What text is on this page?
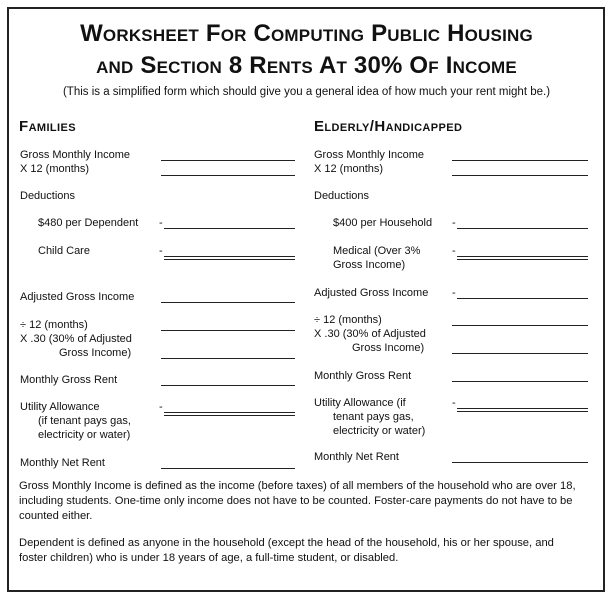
Worksheet For Computing Public Housing
and Section 8 Rents At 30% Of Income
(This is a simplified form which should give you a general idea of how much your rent might be.)
Families
Gross Monthly Income
X 12 (months)
Deductions
$480 per Dependent -
Child Care	-
Adjusted Gross Income
÷ 12 (months)
X .30 (30% of Adjusted
Gross Income)
Monthly Gross Rent
Utility Allowance	-
(if tenant pays gas,
electricity or water)
Monthly Net Rent
Elderly/Handicapped
Gross Monthly Income
X 12 (months)
Deductions
$400 per Household -
Medical (Over 3%	-
Gross Income)
Adjusted Gross Income -
÷ 12 (months)
X .30 (30% of Adjusted
Gross Income)
Monthly Gross Rent
Utility Allowance (if	-
tenant pays gas,
electricity or water)
Monthly Net Rent
Gross Monthly Income is defined as the income (before taxes) of all members of the household who are over 18, including students. One-time only income does not have to be counted. Foster-care payments do not have to be counted either.
Dependent is defined as anyone in the household (except the head of the household, his or her spouse, and foster children) who is under 18 years of age, a full-time student, or disabled.
